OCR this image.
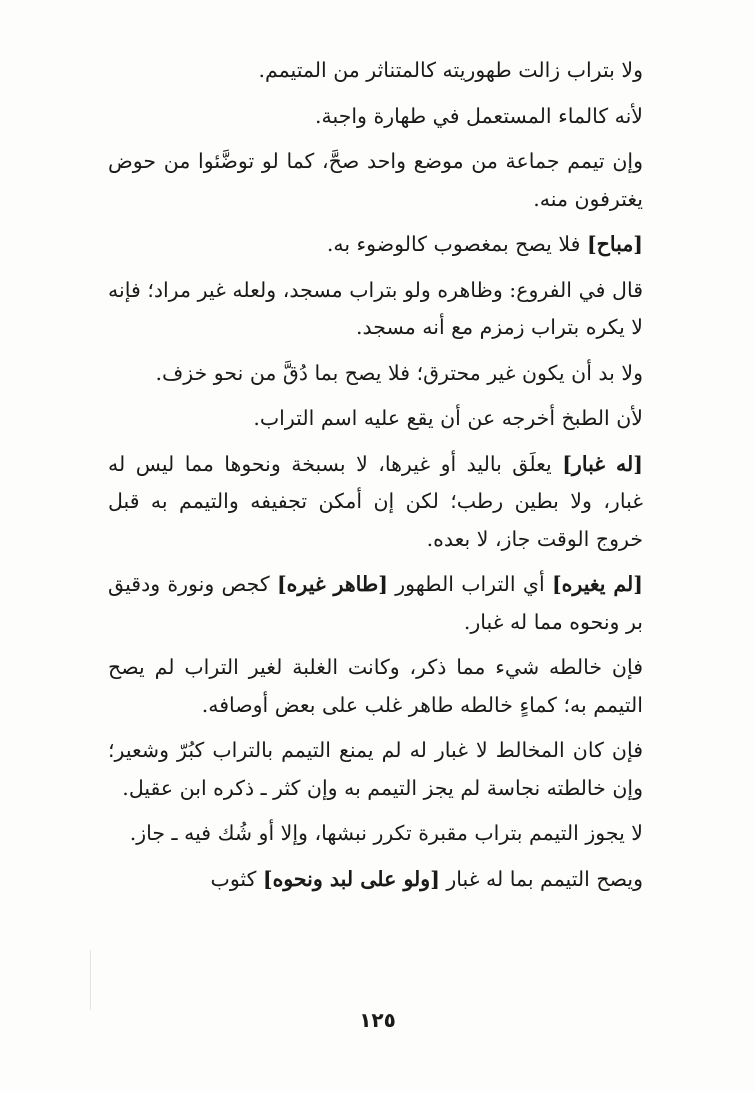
ولا بتراب زالت طهوريته كالمتناثر من المتيمم.

لأنه كالماء المستعمل في طهارة واجبة.

وإن تيمم جماعة من موضع واحد صحَّ، كما لو توضَّئوا من حوض يغترفون منه.

[مباح] فلا يصح بمغصوب كالوضوء به.

قال في الفروع: وظاهره ولو بتراب مسجد، ولعله غير مراد؛ فإنه لا يكره بتراب زمزم مع أنه مسجد.

ولا بد أن يكون غير محترق؛ فلا يصح بما دُقَّ من نحو خزف.

لأن الطبخ أخرجه عن أن يقع عليه اسم التراب.

[له غبار] يعلَق باليد أو غيرها، لا بسبخة ونحوها مما ليس له غبار، ولا بطين رطب؛ لكن إن أمكن تجفيفه والتيمم به قبل خروج الوقت جاز، لا بعده.

[لم يغيره] أي التراب الطهور [طاهر غيره] كجص ونورة ودقيق بر ونحوه مما له غبار.

فإن خالطه شيء مما ذكر، وكانت الغلبة لغير التراب لم يصح التيمم به؛ كماءٍ خالطه طاهر غلب على بعض أوصافه.

فإن كان المخالط لا غبار له لم يمنع التيمم بالتراب كبُرّ وشعير؛ وإن خالطته نجاسة لم يجز التيمم به وإن كثر ـ ذكره ابن عقيل.

لا يجوز التيمم بتراب مقبرة تكرر نبشها، وإلا أو شُك فيه ـ جاز.

ويصح التيمم بما له غبار [ولو على لبد ونحوه] كثوب

١٢٥
